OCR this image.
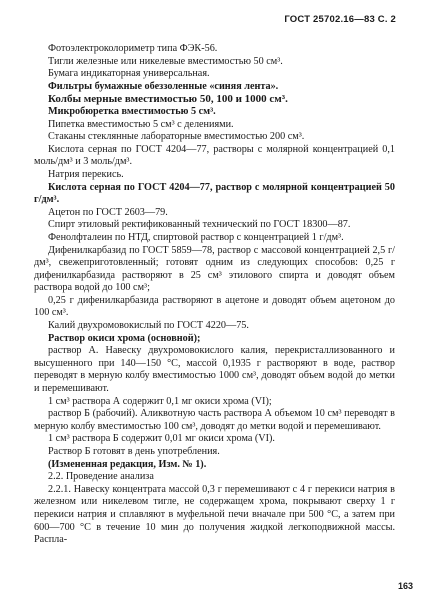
ГОСТ 25702.16—83 С. 2

Фотоэлектроколориметр типа ФЭК-56.

Тигли железные или никелевые вместимостью 50 см³.

Бумага индикаторная универсальная.

Фильтры бумажные обеззоленные «синяя лента».

Колбы мерные вместимостью 50, 100 и 1000 см³.

Микробюретка вместимостью 5 см³.

Пипетка вместимостью 5 см³ с делениями.

Стаканы стеклянные лабораторные вместимостью 200 см³.

Кислота серная по ГОСТ 4204—77, растворы с молярной концентрацией 0,1 моль/дм³ и 3 моль/дм³.

Натрия перекись.

Кислота серная по ГОСТ 4204—77, раствор с молярной концентрацией 50 г/дм³.

Ацетон по ГОСТ 2603—79.

Спирт этиловый ректификованный технический по ГОСТ 18300—87.

Фенолфталеин по НТД, спиртовой раствор с концентрацией 1 г/дм³.

Дифенилкарбазид по ГОСТ 5859—78, раствор с массовой концентрацией 2,5 г/дм³, свежеприготовленный; готовят одним из следующих способов: 0,25 г дифенилкарбазида растворяют в 25 см³ этилового спирта и доводят объем раствора водой до 100 см³;

0,25 г дифенилкарбазида растворяют в ацетоне и доводят объем ацетоном до 100 см³.

Калий двухромовокислый по ГОСТ 4220—75.

Раствор окиси хрома (основной);

раствор А. Навеску двухромовокислого калия, перекристаллизованного и высушенного при 140—150 °С, массой 0,1935 г растворяют в воде, раствор переводят в мерную колбу вместимостью 1000 см³, доводят объем водой до метки и перемешивают.

1 см³ раствора А содержит 0,1 мг окиси хрома (VI);

раствор Б (рабочий). Аликвотную часть раствора А объемом 10 см³ переводят в мерную колбу вместимостью 100 см³, доводят до метки водой и перемешивают.

1 см³ раствора Б содержит 0,01 мг окиси хрома (VI).

Раствор Б готовят в день употребления.

(Измененная редакция, Изм. № 1).

2.2. Проведение анализа

2.2.1. Навеску концентрата массой 0,3 г перемешивают с 4 г перекиси натрия в железном или никелевом тигле, не содержащем хрома, покрывают сверху 1 г перекиси натрия и сплавляют в муфельной печи вначале при 500 °С, а затем при 600—700 °С в течение 10 мин до получения жидкой легкоподвижной массы. Распла-

163
